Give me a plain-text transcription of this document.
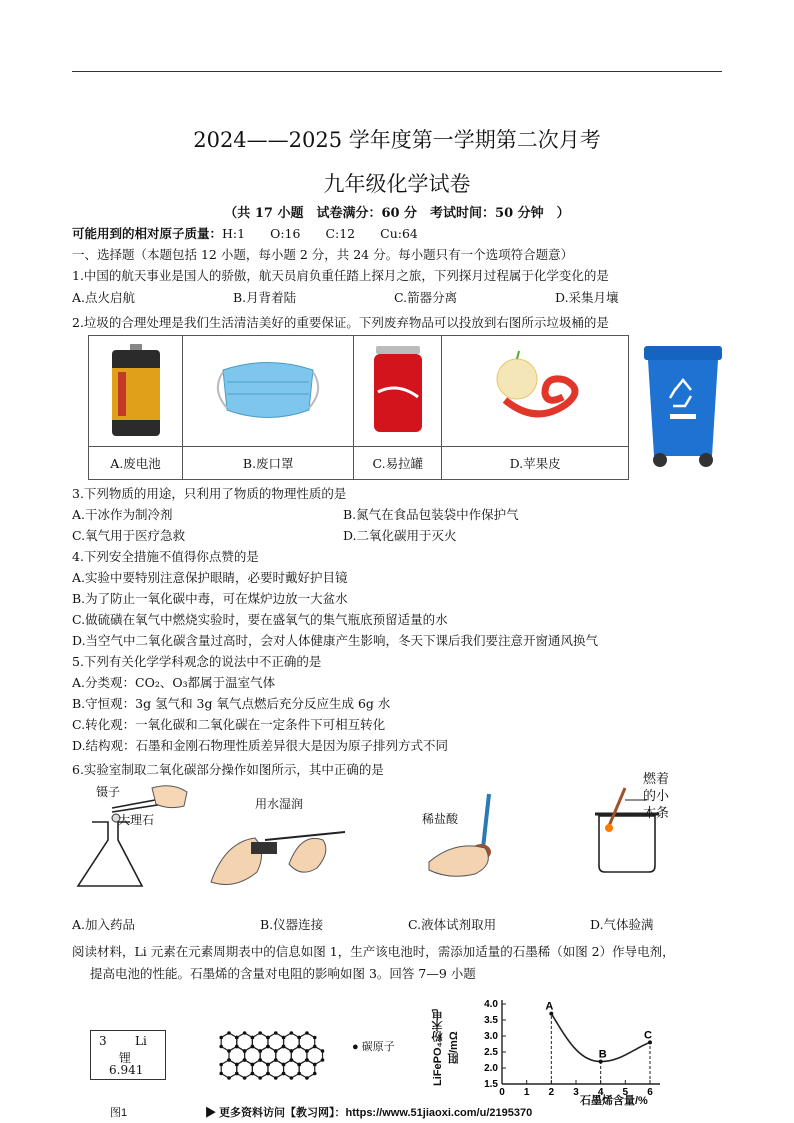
2024——2025 学年度第一学期第二次月考
九年级化学试卷
（共 17 小题　试卷满分：60 分　考试时间：50 分钟　）
可能用到的相对原子质量：H:1　　O:16　　C:12　　Cu:64
一、选择题（本题包括 12 小题，每小题 2 分，共 24 分。每小题只有一个选项符合题意）
1.中国的航天事业是国人的骄傲，航天员肩负重任踏上探月之旅，下列探月过程属于化学变化的是
A.点火启航	B.月背着陆	C.箭器分离	D.采集月壤
2.垃圾的合理处理是我们生活清洁美好的重要保证。下列废弃物品可以投放到右图所示垃圾桶的是

A.废电池	B.废口罩	C.易拉罐	D.苹果皮
3.下列物质的用途，只利用了物质的物理性质的是
A.干冰作为制冷剂	B.氮气在食品包装袋中作保护气
C.氧气用于医疗急救	D.二氧化碳用于灭火
4.下列安全措施不值得你点赞的是
A.实验中要特别注意保护眼睛，必要时戴好护目镜
B.为了防止一氧化碳中毒，可在煤炉边放一大盆水
C.做硫磺在氧气中燃烧实验时，要在盛氧气的集气瓶底预留适量的水
D.当空气中二氧化碳含量过高时，会对人体健康产生影响，冬天下课后我们要注意开窗通风换气
5.下列有关化学学科观念的说法中不正确的是
A.分类观：CO₂、O₃都属于温室气体
B.守恒观：3g 氢气和 3g 氧气点燃后充分反应生成 6g 水
C.转化观：一氧化碳和二氧化碳在一定条件下可相互转化
D.结构观：石墨和金刚石物理性质差异很大是因为原子排列方式不同
6.实验室制取二氧化碳部分操作如图所示，其中正确的是
镊子
大理石
用水湿润
稀盐酸
燃着
的小
木条
A.加入药品	B.仪器连接	C.液体试剂取用	D.气体验满
阅读材料，Li 元素在元素周期表中的信息如图 1，生产该电池时，需添加适量的石墨稀（如图 2）作导电剂，
提高电池的性能。石墨烯的含量对电阻的影响如图 3。回答 7—9 小题
3 Li
锂
6.941
图1
● 碳原子
1.5
2.0
2.5
3.0
3.5
4.0
0 1 2 3 4 5 6
A
B
C
LiFePO₄粉末电阻/mΩ
石墨烯含量/%
▶ 更多资料访问【教习网】：https://www.51jiaoxi.com/u/2195370
